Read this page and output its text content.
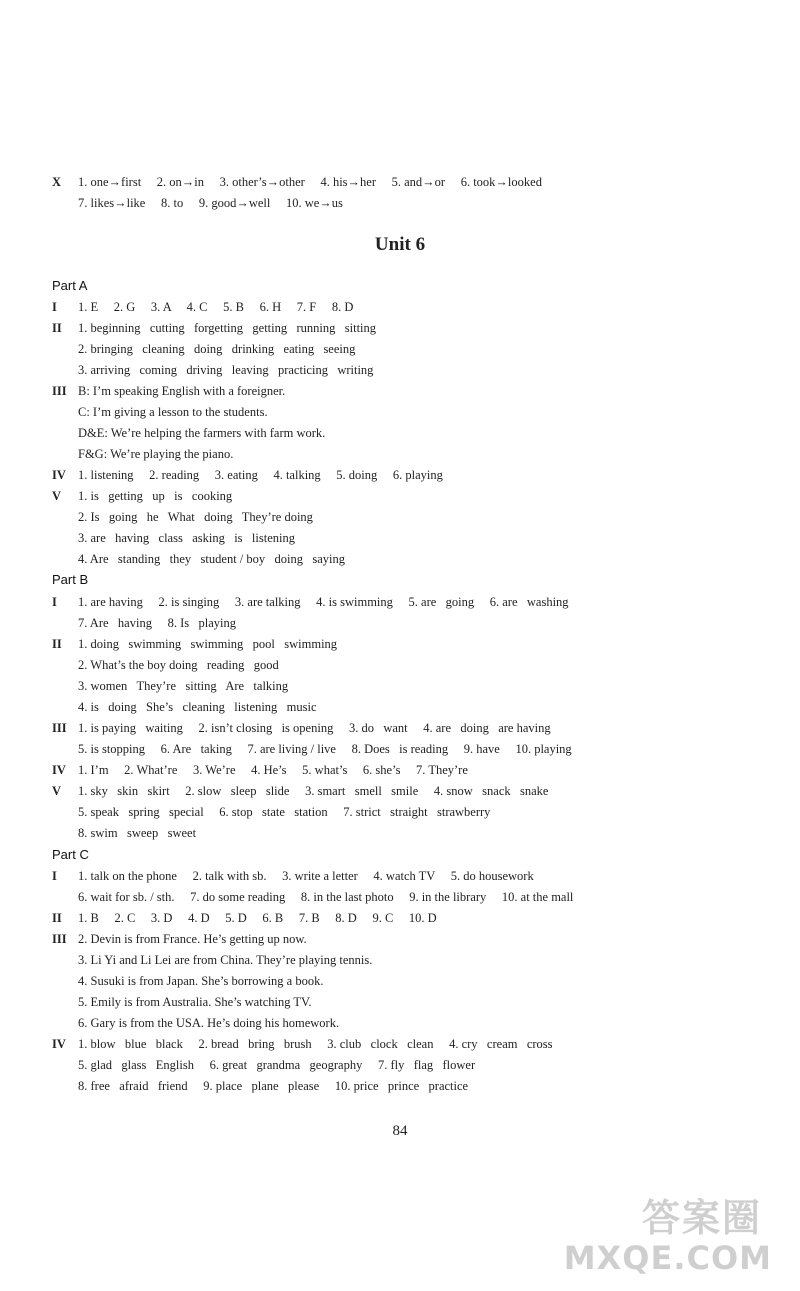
X	1. one→first     2. on→in     3. other’s→other     4. his→her     5. and→or     6. took→looked
7. likes→like     8. to     9. good→well     10. we→us
Unit 6
Part A
I	1. E     2. G     3. A     4. C     5. B     6. H     7. F     8. D
II	1. beginning   cutting   forgetting   getting   running   sitting
2. bringing   cleaning   doing   drinking   eating   seeing
3. arriving   coming   driving   leaving   practicing   writing
III B: I’m speaking English with a foreigner.
C: I’m giving a lesson to the students.
D&E: We’re helping the farmers with farm work.
F&G: We’re playing the piano.
IV 1. listening     2. reading     3. eating     4. talking     5. doing     6. playing
V	1. is   getting   up   is   cooking
2. Is   going   he   What   doing   They’re doing
3. are   having   class   asking   is   listening
4. Are   standing   they   student / boy   doing   saying
Part B
I	1. are having     2. is singing     3. are talking     4. is swimming     5. are   going     6. are   washing
7. Are   having     8. Is   playing
II	1. doing   swimming   swimming   pool   swimming
2. What’s the boy doing   reading   good
3. women   They’re   sitting   Are   talking
4. is   doing   She’s   cleaning   listening   music
III 1. is paying   waiting     2. isn’t closing   is opening     3. do   want     4. are   doing   are having
5. is stopping     6. Are   taking     7. are living / live     8. Does   is reading     9. have     10. playing
IV 1. I’m     2. What’re     3. We’re     4. He’s     5. what’s     6. she’s     7. They’re
V	1. sky   skin   skirt     2. slow   sleep   slide     3. smart   smell   smile     4. snow   snack   snake
5. speak   spring   special     6. stop   state   station     7. strict   straight   strawberry
8. swim   sweep   sweet
Part C
I	1. talk on the phone     2. talk with sb.     3. write a letter     4. watch TV     5. do housework
6. wait for sb. / sth.     7. do some reading     8. in the last photo     9. in the library     10. at the mall
II	1. B     2. C     3. D     4. D     5. D     6. B     7. B     8. D     9. C     10. D
III 2. Devin is from France. He’s getting up now.
3. Li Yi and Li Lei are from China. They’re playing tennis.
4. Susuki is from Japan. She’s borrowing a book.
5. Emily is from Australia. She’s watching TV.
6. Gary is from the USA. He’s doing his homework.
IV 1. blow   blue   black     2. bread   bring   brush     3. club   clock   clean     4. cry   cream   cross
5. glad   glass   English     6. great   grandma   geography     7. fly   flag   flower
8. free   afraid   friend     9. place   plane   please     10. price   prince   practice
84
答案圈
MXQE.COM
